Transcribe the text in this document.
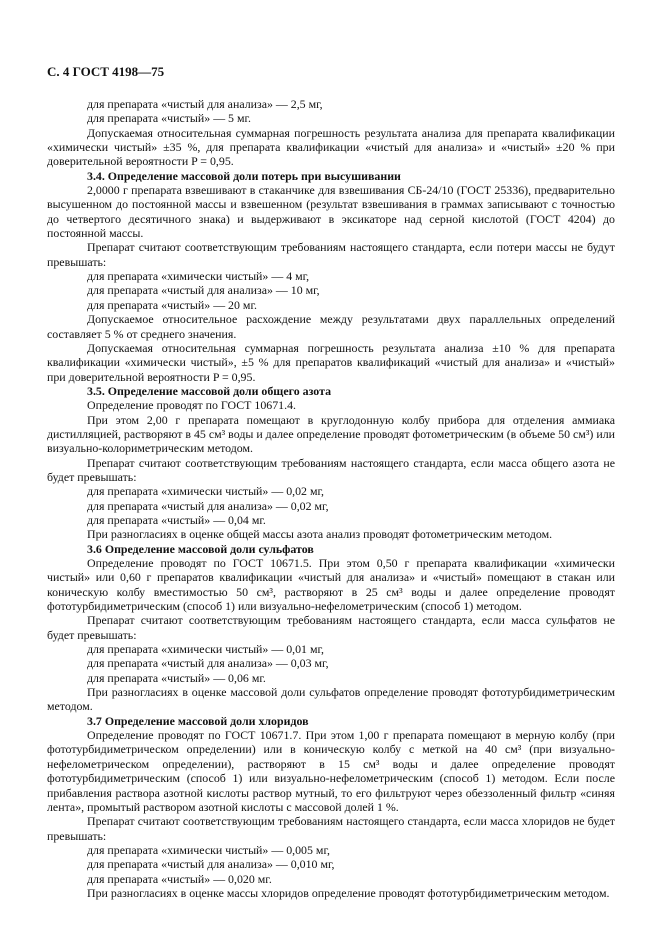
С. 4 ГОСТ 4198—75
для препарата «чистый для анализа» — 2,5 мг,
для препарата «чистый» — 5 мг.
Допускаемая относительная суммарная погрешность результата анализа для препарата квалификации «химически чистый» ±35 %, для препарата квалификации «чистый для анализа» и «чистый» ±20 % при доверительной вероятности P = 0,95.
3.4. Определение массовой доли потерь при высушивании
2,0000 г препарата взвешивают в стаканчике для взвешивания СБ-24/10 (ГОСТ 25336), предварительно высушенном до постоянной массы и взвешенном (результат взвешивания в граммах записывают с точностью до четвертого десятичного знака) и выдерживают в эксикаторе над серной кислотой (ГОСТ 4204) до постоянной массы.
Препарат считают соответствующим требованиям настоящего стандарта, если потери массы не будут превышать:
для препарата «химически чистый» — 4 мг,
для препарата «чистый для анализа» — 10 мг,
для препарата «чистый» — 20 мг.
Допускаемое относительное расхождение между результатами двух параллельных определений составляет 5 % от среднего значения.
Допускаемая относительная суммарная погрешность результата анализа ±10 % для препарата квалификации «химически чистый», ±5 % для препаратов квалификаций «чистый для анализа» и «чистый» при доверительной вероятности P = 0,95.
3.5. Определение массовой доли общего азота
Определение проводят по ГОСТ 10671.4.
При этом 2,00 г препарата помещают в круглодонную колбу прибора для отделения аммиака дистилляцией, растворяют в 45 см³ воды и далее определение проводят фотометрическим (в объеме 50 см³) или визуально-колориметрическим методом.
Препарат считают соответствующим требованиям настоящего стандарта, если масса общего азота не будет превышать:
для препарата «химически чистый» — 0,02 мг,
для препарата «чистый для анализа» — 0,02 мг,
для препарата «чистый» — 0,04 мг.
При разногласиях в оценке общей массы азота анализ проводят фотометрическим методом.
3.6 Определение массовой доли сульфатов
Определение проводят по ГОСТ 10671.5. При этом 0,50 г препарата квалификации «химически чистый» или 0,60 г препаратов квалификации «чистый для анализа» и «чистый» помещают в стакан или коническую колбу вместимостью 50 см³, растворяют в 25 см³ воды и далее определение проводят фототурбидиметрическим (способ 1) или визуально-нефелометрическим (способ 1) методом.
Препарат считают соответствующим требованиям настоящего стандарта, если масса сульфатов не будет превышать:
для препарата «химически чистый» — 0,01 мг,
для препарата «чистый для анализа» — 0,03 мг,
для препарата «чистый» — 0,06 мг.
При разногласиях в оценке массовой доли сульфатов определение проводят фототурбидиметрическим методом.
3.7 Определение массовой доли хлоридов
Определение проводят по ГОСТ 10671.7. При этом 1,00 г препарата помещают в мерную колбу (при фототурбидиметрическом определении) или в коническую колбу с меткой на 40 см³ (при визуально-нефелометрическом определении), растворяют в 15 см³ воды и далее определение проводят фототурбидиметрическим (способ 1) или визуально-нефелометрическим (способ 1) методом. Если после прибавления раствора азотной кислоты раствор мутный, то его фильтруют через обеззоленный фильтр «синяя лента», промытый раствором азотной кислоты с массовой долей 1 %.
Препарат считают соответствующим требованиям настоящего стандарта, если масса хлоридов не будет превышать:
для препарата «химически чистый» — 0,005 мг,
для препарата «чистый для анализа» — 0,010 мг,
для препарата «чистый» — 0,020 мг.
При разногласиях в оценке массы хлоридов определение проводят фототурбидиметрическим методом.
